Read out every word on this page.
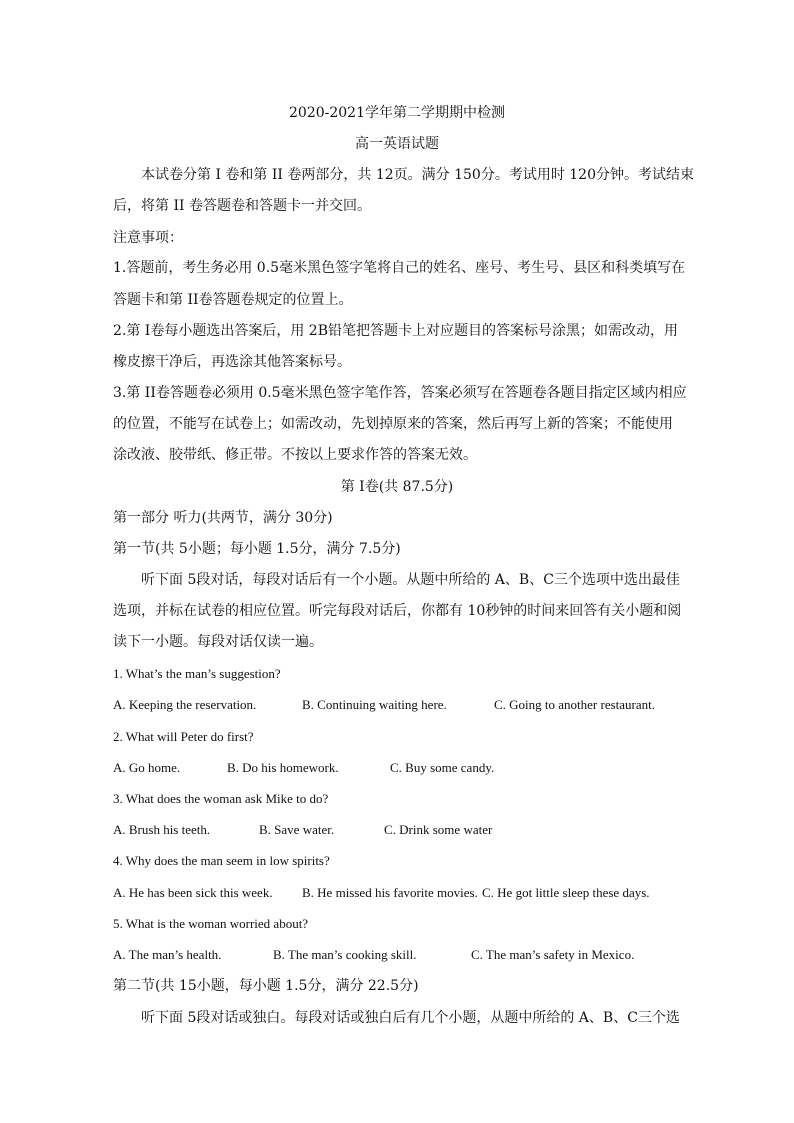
2020-2021学年第二学期期中检测
高一英语试题
本试卷分第 I 卷和第 II 卷两部分，共 12页。满分 150分。考试用时 120分钟。考试结束
后，将第 II 卷答题卷和答题卡一并交回。
注意事项：
1.答题前，考生务必用 0.5毫米黑色签字笔将自己的姓名、座号、考生号、县区和科类填写在
答题卡和第 II卷答题卷规定的位置上。
2.第 I卷每小题选出答案后，用 2B铅笔把答题卡上对应题目的答案标号涂黑；如需改动，用
橡皮擦干净后，再选涂其他答案标号。
3.第 II卷答题卷必须用 0.5毫米黑色签字笔作答，答案必须写在答题卷各题目指定区域内相应
的位置，不能写在试卷上；如需改动，先划掉原来的答案，然后再写上新的答案；不能使用
涂改液、胶带纸、修正带。不按以上要求作答的答案无效。
第 I卷(共 87.5分)
第一部分 听力(共两节，满分 30分)
第一节(共 5小题；每小题 1.5分，满分 7.5分)
听下面 5段对话，每段对话后有一个小题。从题中所给的 A、B、C三个选项中选出最佳
选项，并标在试卷的相应位置。听完每段对话后，你都有 10秒钟的时间来回答有关小题和阅
读下一小题。每段对话仅读一遍。
1. What’s the man’s suggestion?
A. Keeping the reservation.	B. Continuing waiting here.	C. Going to another restaurant.
2. What will Peter do first?
A. Go home.	B. Do his homework.	C. Buy some candy.
3. What does the woman ask Mike to do?
A. Brush his teeth.	B. Save water.	C. Drink some water
4. Why does the man seem in low spirits?
A. He has been sick this week. B. He missed his favorite movies. C. He got little sleep these days.
5. What is the woman worried about?
A. The man’s health.	B. The man’s cooking skill.	C. The man’s safety in Mexico.
第二节(共 15小题，每小题 1.5分，满分 22.5分)
听下面 5段对话或独白。每段对话或独白后有几个小题，从题中所给的 A、B、C三个选
